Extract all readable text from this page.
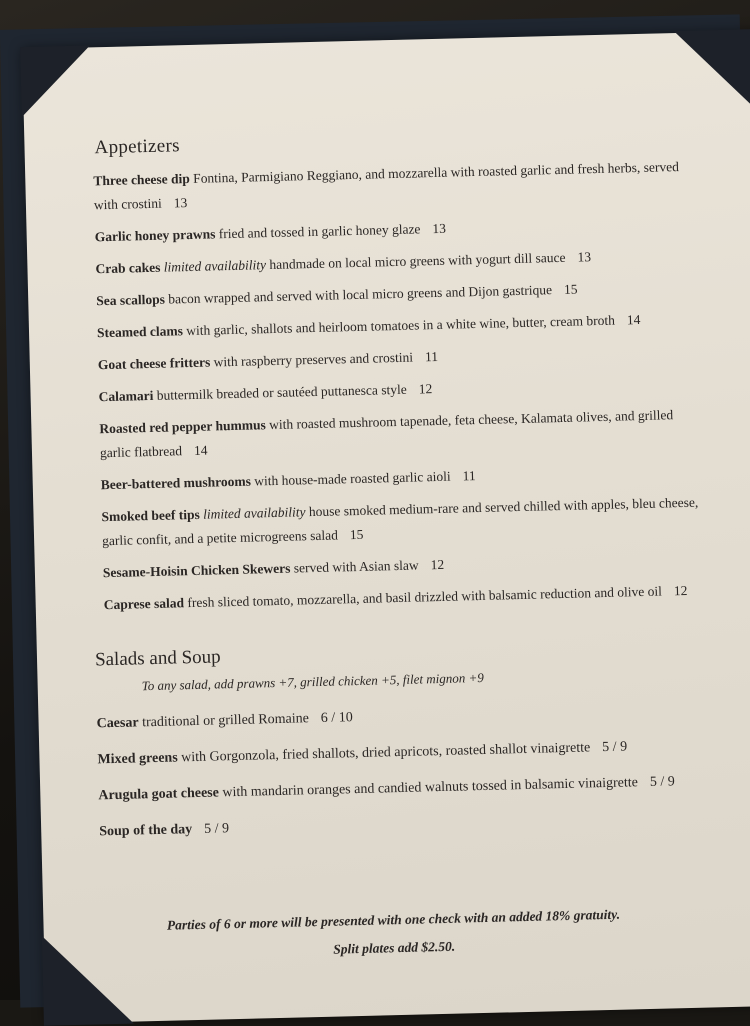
Appetizers
Three cheese dip Fontina, Parmigiano Reggiano, and mozzarella with roasted garlic and fresh herbs, served with crostini 13
Garlic honey prawns fried and tossed in garlic honey glaze 13
Crab cakes limited availability handmade on local micro greens with yogurt dill sauce 13
Sea scallops bacon wrapped and served with local micro greens and Dijon gastrique 15
Steamed clams with garlic, shallots and heirloom tomatoes in a white wine, butter, cream broth 14
Goat cheese fritters with raspberry preserves and crostini 11
Calamari buttermilk breaded or sautéed puttanesca style 12
Roasted red pepper hummus with roasted mushroom tapenade, feta cheese, Kalamata olives, and grilled garlic flatbread 14
Beer-battered mushrooms with house-made roasted garlic aioli 11
Smoked beef tips limited availability house smoked medium-rare and served chilled with apples, bleu cheese, garlic confit, and a petite microgreens salad 15
Sesame-Hoisin Chicken Skewers served with Asian slaw 12
Caprese salad fresh sliced tomato, mozzarella, and basil drizzled with balsamic reduction and olive oil 12
Salads and Soup
To any salad, add prawns +7, grilled chicken +5, filet mignon +9
Caesar traditional or grilled Romaine 6 / 10
Mixed greens with Gorgonzola, fried shallots, dried apricots, roasted shallot vinaigrette 5 / 9
Arugula goat cheese with mandarin oranges and candied walnuts tossed in balsamic vinaigrette 5 / 9
Soup of the day 5 / 9
Parties of 6 or more will be presented with one check with an added 18% gratuity.
Split plates add $2.50.
